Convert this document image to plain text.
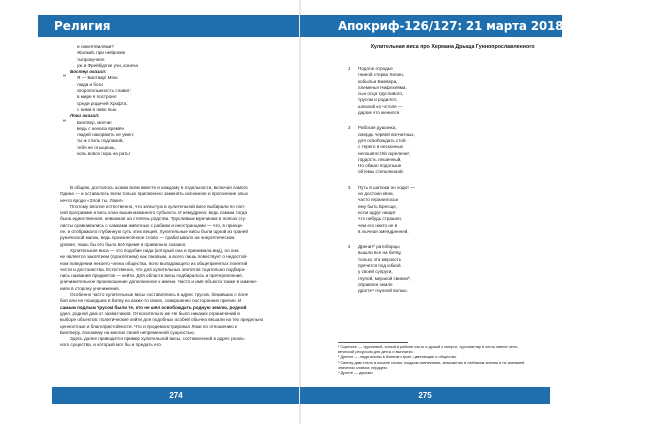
Религия
и ликептвилями?
Жалкий, при нейрнове
тыпрокучнял
уж и Фрейбургке учи, конеча
Бостер оказал:
“ Я — Биотвар! Мою
люди и боги
скоропольжность славит:
в мире я построил
среди родичей Хрофта,
с ними я пиво пью.
Локи оказал:
“ Биотвер, молчи!
ведь с начала времён
людей накормить не умел;
ты ж стиль подламой,
тебя не отыщешь,
коль вовсе пора на рать!
В общем, досталось асами всем вместе и каждому в отдельности, включая самого
Одина — и оставалось всем только присвоенно заменять изгнанное и прогонение злых
нечто вроде «Злой ты, Локи!»
Поэтому вполне естественно, что зачастую в хулительной висе выбирали по пол-
ной программе и весь клан вышеназванного субъекта. И немудрено: ведь самым тогда
была единственная, неважная на степень родства. Трусливым мужчинам в поясах сгу-
листы сравнивались с самками животных с рабами и иностранцами — что, в принци-
пе, и отображало глубинную суть этих вещей. Хулительные висы были одной из граней
рунической магии, ведь произнесённое слово — срабатывало на энергетическом
уровне, лишь бы его было всё время и правильно сказано.
Хулительная виса — это подобие нида (который она и принимала вид), но она
не является заклятием (проклятием) как таковым, а всего лишь повествует о недостой-
ном поведении некоего члена общества, ясно выпадающего из общепринятых понятий
чести и достоинства. Естественно, что для хулительных эпитетов тщательно подбира-
лись названия предметов — кейти. Для области висы подбиралось и претерпеление,
уничижительное произношение дополненное к имени. Часто и имя объекта также в измене-
ниях в сторону уничижения.
Особенно часто хулительные висы составлялись в адрес трусов, бежавших с поле
боя или не пошедших в битву из каких-то своих, совершенно посторонних причин. И
самым подлым трусом были те, кто не шёл освобождать родную землю, родной
удел, родной дом от захватчиков. Относительно же Не было никаких ограничений в
выборе объектов: политические хейти для подобных особей обычно вешали на тех предельно
ценностные и благопристойности. Что и продемонстрировал Локи по отношению к
Биотверу, похожему на многих своей непременной сущностью.
Здесь далее приводится пример хулительной висы, составленной в адрес реаль-
ного существа, и который мог бы и предать его.
274
Апокриф-126/127: 21 марта 2018 (ГЪ5.4 е.л.)
Хулительная виса про Хермана Дрыща Гуннопрославленного
1 Подлое отродье
гниной стерва Хелин,
кобыльи Бжевера,
племенья Нифлхейма,
сын отца трусливого,
трусом и родился,
шлюхой ко чстоле —
даром что женился
2 Рабская душонка,
смердь червей волчатных,
для освобождать стой
с терего в несконных
нелошёлстёй скрелени¹,
гордость лешенный,
Но обжал подольше
обтемы стельяннаой.
3 Путь в шатюки он ходит —
но достоин кёни,
часто игранилосьи
ему быть Бресще,
если адруг нищит
что нибудь страшен,
чем его никто не в
в лычнои змеядренней.
4 Дренит² ратоборцы
вышли все на битву,
только эта мерзость
прячется под юбкой
у своей супруги,
глупой, мерзкой свинки³,
оправлен земле
драгте⁴ гнуоной волью.
¹ Скрелинг — трусливый, хилый в районе часто и душой к смерти, трусливству в честь имени чело-
веческой ресурсом для деток и выплатки.
² Дренит — люди-воины в боевом строю, цветающие и общество.
³ Свинку дам стало в начале слова, гладком извлекании, знакомство в любимом знании и не имевшей
значения словом, сердцем.
⁴ Драгте — дерьмо.
275
